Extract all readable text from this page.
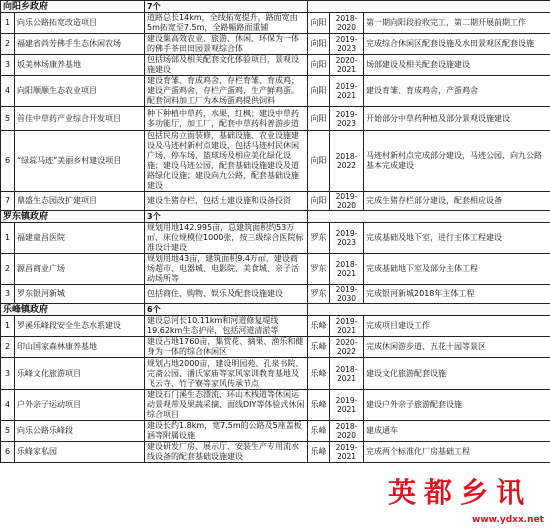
向阳乡政府		7个			
1	向乐公路拓宽改造项目	道路总长14km，全线拓宽提升，路面宽由5m拓宽至7.5m，全路幅路面重铺	向阳	2018-2020	第一期向阳段验收完工，第二期开展前期工作
2	福建省尚芳佛手生态休闲农场	建设集高效农业、旅游、休闲、环保为一体的佛手茶田田园景观综合体	向阳	2019-2023	完成综合休闲区配套设施及水田景观区配套设施
3	坂美林场康养基地	包括场部及相关配套文化体验项目，景观设施建设	向阳	2020-2021	场部建设及相关配套设施建设
4	向阳顺顺生态农业项目	建设育雏、育成鸡舍，存栏育雏、育成鸡；建设产蛋鸡舍，存栏产蛋鸡，生产鲜鸡蛋。配套饲料加工厂为本场蛋鸡提供饲料	向阳	2019-2021	建设育雏、育成鸡舍，产蛋鸡舍
5	首佳中草药产业综合开发项目	种下种植中草药，水果，红枫；建设中草药多功能厅，加工厂，配套中草药科普游步道	向阳	2019-2023	开始部分中草药种植及部分景观设施建设
6	“绿蕊马迹”美丽乡村建设项目	包括民房立面装修，基础设施、农业设施建设及马迹村新村点建设，包括马迹村民休闲广场、停车场、篮球场及相应美化绿化设施；建设马迹公园，配套基础设施建设及道路绿化设施；建设向九公路，配套基础设施建设	向阳	2018-2022	马迹村新村点完成部分建设，马迹公园、向九公路基本完成建设
7	鼎盛生态园改扩建项目	建设生猪存栏，包括土建设施和设备投资	向阳	2019-2020	完成生猪存栏部分建设，配套相应设备
罗东镇政府		3个			
1	福建童昌医院	规划用地142.995亩，总建筑面积约53万㎡，床位规模位1000张，按三级综合医院标准设计建设	罗东	2019-2023	完成基础及地下室，进行主体工程建设
2	源昌商业广场	规划用地43亩，建筑面积9.4万㎡，建设商场超市、电器城、电影院、美食城、亲子活动场所等	罗东	2018-2021	完成基础地下室及部分主体工程
3	罗东银河新城	包括商住、购物、娱乐及配套设施建设	罗东	2019-2030	完成银河新城2018年主体工程
乐峰镇政府		6个			
1	罗溪乐峰段安全生态水系建设	建设总河长10.11km和河道修复堤线19.62km生态护岸，包括河道清淤等	乐峰	2019-2021	完成项目建设工作
2	印山国家森林康养基地	建设占地1760亩，集赏花、摘果、渔乐和健身为一体的综合休闲区	乐峰	2020-2022	完成休闲游步道、五花十园等景区
3	乐峰文化旅游项目	规划占地2000亩，建设明园苑、孔泉书院、完斋公园、潘氏家庙等家风家训教育基地及飞云寺、竹子寮等家风传承节点	乐峰	2018-2021	建设文化旅游配套设施
4	户外亲子运动项目	建设石门溪生态漂流、环山木栈道等休闲运动景观带及果蔬采摘、面线DIY等体验式休闲综合项目	乐峰	2019-2021	建设户外亲子旅游配套设施
5	向乐公路乐峰段	建设长约1.8km，宽7.5m的公路及5座盖板涵等附属设施	乐峰	2018-2020	建成通车
6	乐峰家私园	建设研发厂房、展示厅、安装生产专用流水线设备的配套基础设施建设	乐峰	2019-2021	完成两个标准化厂房基础工程
英都乡讯
www.ydxx.net
